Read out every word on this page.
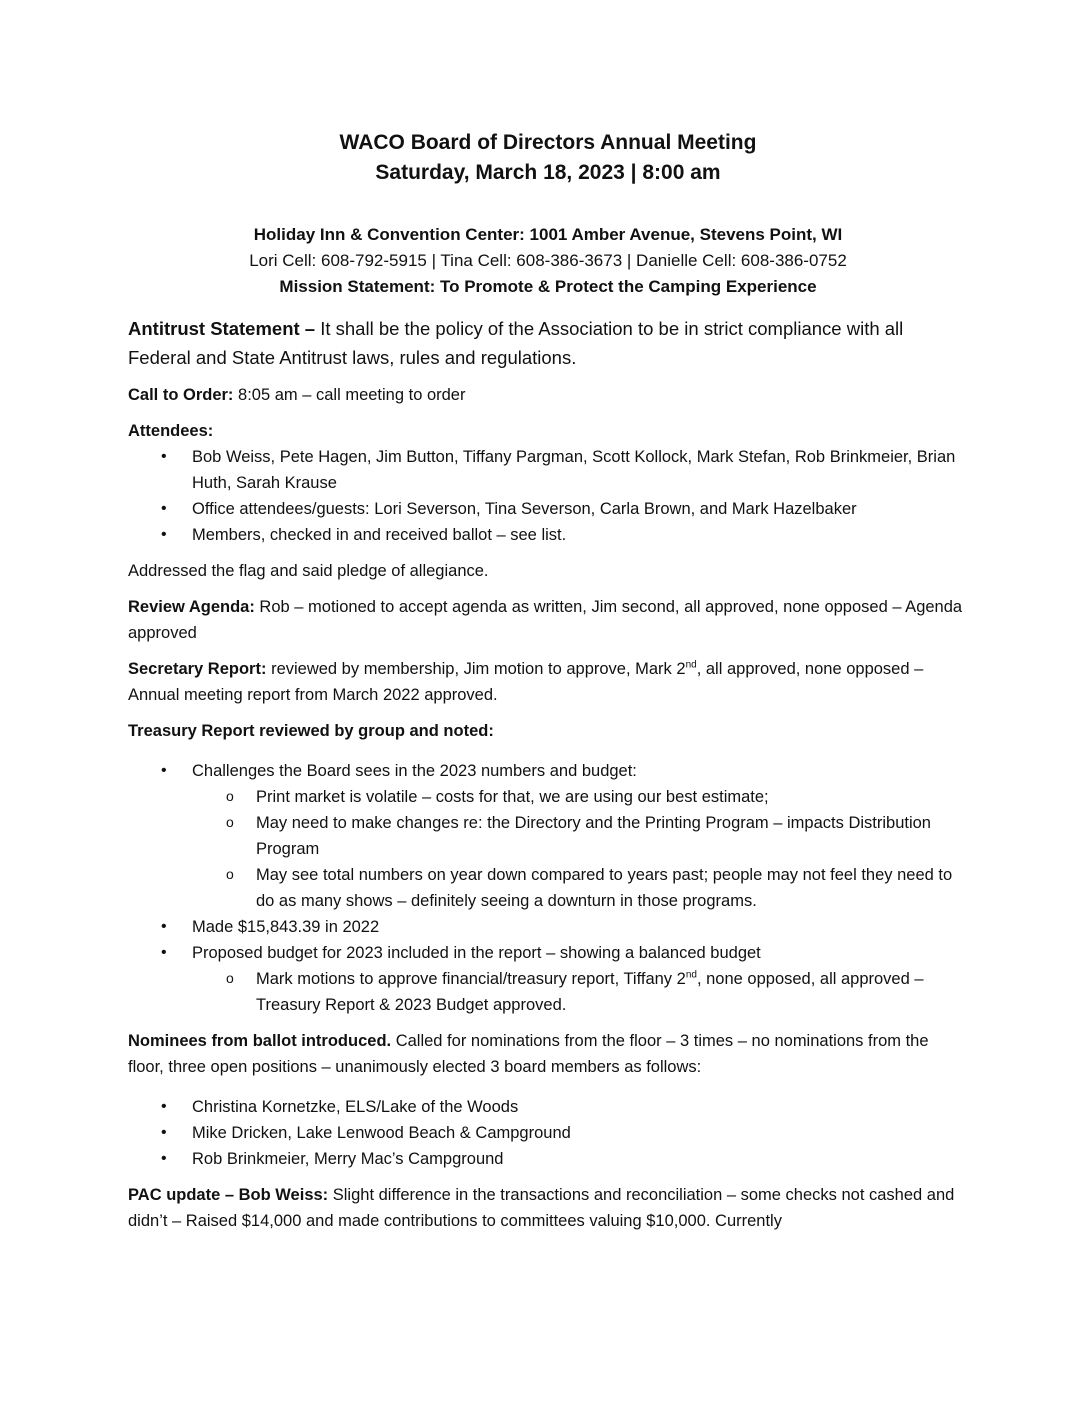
WACO Board of Directors Annual Meeting

Saturday, March 18, 2023 | 8:00 am

Holiday Inn & Convention Center: 1001 Amber Avenue, Stevens Point, WI
Lori Cell: 608-792-5915 | Tina Cell: 608-386-3673 | Danielle Cell: 608-386-0752
Mission Statement: To Promote & Protect the Camping Experience
Antitrust Statement – It shall be the policy of the Association to be in strict compliance with all Federal and State Antitrust laws, rules and regulations.
Call to Order: 8:05 am – call meeting to order
Attendees:
• Bob Weiss, Pete Hagen, Jim Button, Tiffany Pargman, Scott Kollock, Mark Stefan, Rob Brinkmeier, Brian Huth, Sarah Krause
• Office attendees/guests: Lori Severson, Tina Severson, Carla Brown, and Mark Hazelbaker
• Members, checked in and received ballot – see list.
Addressed the flag and said pledge of allegiance.
Review Agenda: Rob – motioned to accept agenda as written, Jim second, all approved, none opposed – Agenda approved
Secretary Report: reviewed by membership, Jim motion to approve, Mark 2nd, all approved, none opposed – Annual meeting report from March 2022 approved.
Treasury Report reviewed by group and noted:
• Challenges the Board sees in the 2023 numbers and budget:
o Print market is volatile – costs for that, we are using our best estimate;
o May need to make changes re: the Directory and the Printing Program – impacts Distribution Program
o May see total numbers on year down compared to years past; people may not feel they need to do as many shows – definitely seeing a downturn in those programs.
• Made $15,843.39 in 2022
• Proposed budget for 2023 included in the report – showing a balanced budget
o Mark motions to approve financial/treasury report, Tiffany 2nd, none opposed, all approved – Treasury Report & 2023 Budget approved.
Nominees from ballot introduced. Called for nominations from the floor – 3 times – no nominations from the floor, three open positions – unanimously elected 3 board members as follows:
• Christina Kornetzke, ELS/Lake of the Woods
• Mike Dricken, Lake Lenwood Beach & Campground
• Rob Brinkmeier, Merry Mac’s Campground
PAC update – Bob Weiss: Slight difference in the transactions and reconciliation – some checks not cashed and didn’t – Raised $14,000 and made contributions to committees valuing $10,000. Currently
